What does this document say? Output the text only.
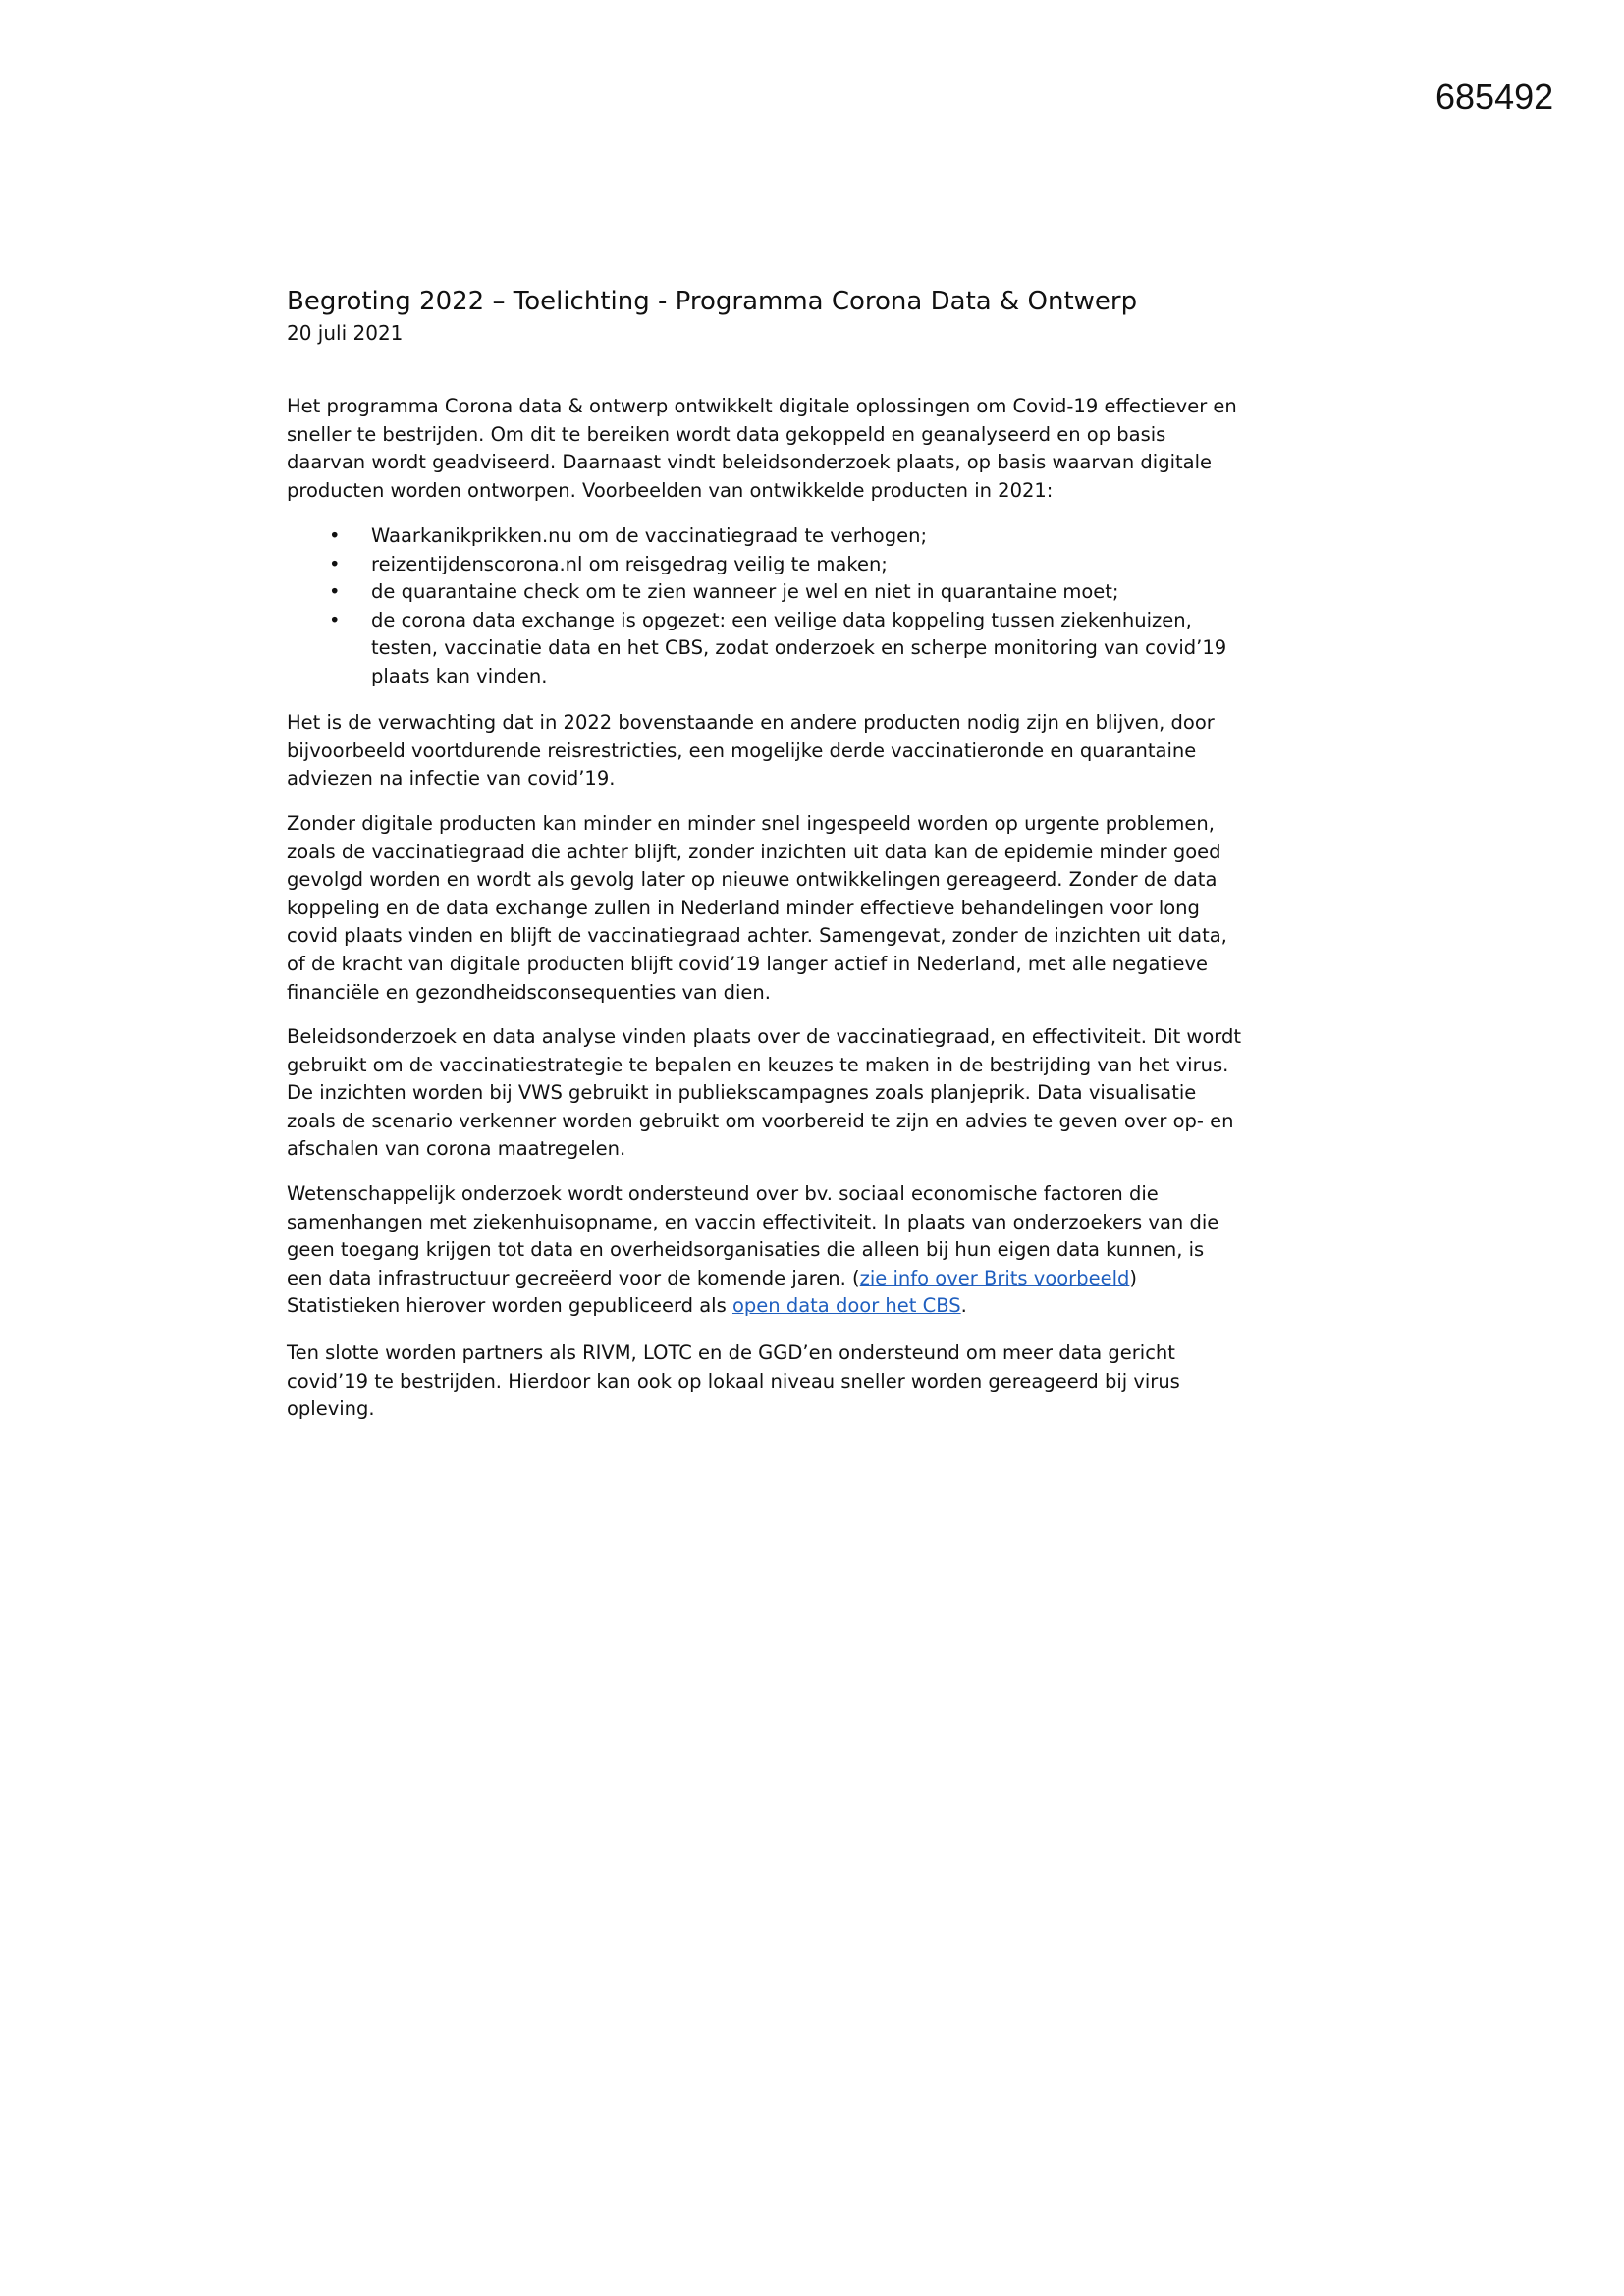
685492
Begroting 2022 – Toelichting - Programma Corona Data & Ontwerp
20 juli 2021
Het programma Corona data & ontwerp ontwikkelt digitale oplossingen om Covid-19 effectiever en
sneller te bestrijden. Om dit te bereiken wordt data gekoppeld en geanalyseerd en op basis
daarvan wordt geadviseerd. Daarnaast vindt beleidsonderzoek plaats, op basis waarvan digitale
producten worden ontworpen. Voorbeelden van ontwikkelde producten in 2021:
• Waarkanikprikken.nu om de vaccinatiegraad te verhogen;
• reizentijdenscorona.nl om reisgedrag veilig te maken;
• de quarantaine check om te zien wanneer je wel en niet in quarantaine moet;
• de corona data exchange is opgezet: een veilige data koppeling tussen ziekenhuizen,
testen, vaccinatie data en het CBS, zodat onderzoek en scherpe monitoring van covid’19
plaats kan vinden.
Het is de verwachting dat in 2022 bovenstaande en andere producten nodig zijn en blijven, door
bijvoorbeeld voortdurende reisrestricties, een mogelijke derde vaccinatieronde en quarantaine
adviezen na infectie van covid’19.
Zonder digitale producten kan minder en minder snel ingespeeld worden op urgente problemen,
zoals de vaccinatiegraad die achter blijft, zonder inzichten uit data kan de epidemie minder goed
gevolgd worden en wordt als gevolg later op nieuwe ontwikkelingen gereageerd. Zonder de data
koppeling en de data exchange zullen in Nederland minder effectieve behandelingen voor long
covid plaats vinden en blijft de vaccinatiegraad achter. Samengevat, zonder de inzichten uit data,
of de kracht van digitale producten blijft covid’19 langer actief in Nederland, met alle negatieve
financiële en gezondheidsconsequenties van dien.
Beleidsonderzoek en data analyse vinden plaats over de vaccinatiegraad, en effectiviteit. Dit wordt
gebruikt om de vaccinatiestrategie te bepalen en keuzes te maken in de bestrijding van het virus.
De inzichten worden bij VWS gebruikt in publiekscampagnes zoals planjeprik. Data visualisatie
zoals de scenario verkenner worden gebruikt om voorbereid te zijn en advies te geven over op- en
afschalen van corona maatregelen.
Wetenschappelijk onderzoek wordt ondersteund over bv. sociaal economische factoren die
samenhangen met ziekenhuisopname, en vaccin effectiviteit. In plaats van onderzoekers van die
geen toegang krijgen tot data en overheidsorganisaties die alleen bij hun eigen data kunnen, is
een data infrastructuur gecreëerd voor de komende jaren. (zie info over Brits voorbeeld)
Statistieken hierover worden gepubliceerd als open data door het CBS.
Ten slotte worden partners als RIVM, LOTC en de GGD’en ondersteund om meer data gericht
covid’19 te bestrijden. Hierdoor kan ook op lokaal niveau sneller worden gereageerd bij virus
opleving.
